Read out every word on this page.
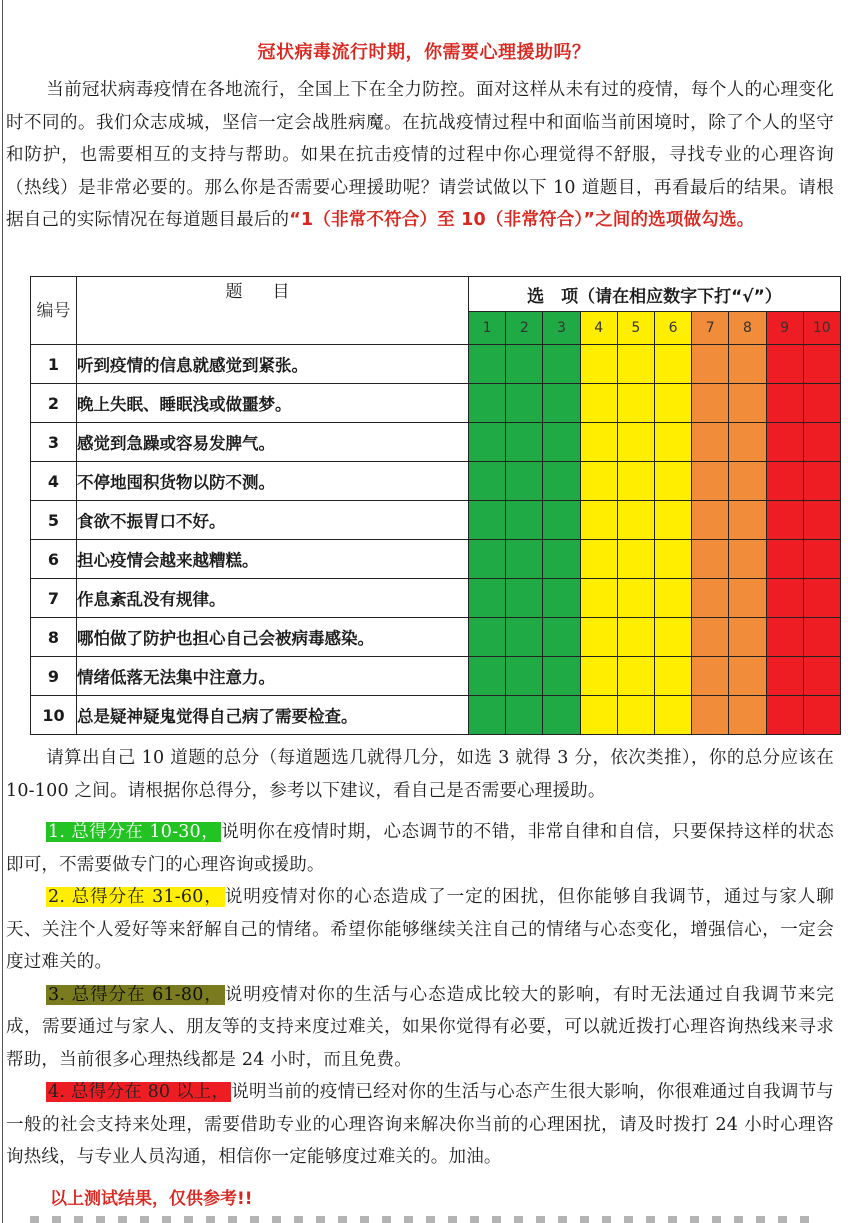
冠状病毒流行时期，你需要心理援助吗？
当前冠状病毒疫情在各地流行，全国上下在全力防控。面对这样从未有过的疫情，每个人的心理变化时不同的。我们众志成城，坚信一定会战胜病魔。在抗战疫情过程中和面临当前困境时，除了个人的坚守和防护，也需要相互的支持与帮助。如果在抗击疫情的过程中你心理觉得不舒服，寻找专业的心理咨询（热线）是非常必要的。那么你是否需要心理援助呢？请尝试做以下 10 道题目，再看最后的结果。请根据自己的实际情况在每道题目最后的“1（非常不符合）至 10（非常符合）”之间的选项做勾选。
编号	题目	选　项（请在相应数字下打“√”）									
		1	2	3	4	5	6	7	8	9	10
1	听到疫情的信息就感觉到紧张。										
2	晚上失眠、睡眠浅或做噩梦。										
3	感觉到急躁或容易发脾气。										
4	不停地囤积货物以防不测。										
5	食欲不振胃口不好。										
6	担心疫情会越来越糟糕。										
7	作息紊乱没有规律。										
8	哪怕做了防护也担心自己会被病毒感染。										
9	情绪低落无法集中注意力。										
10	总是疑神疑鬼觉得自己病了需要检查。										
请算出自己 10 道题的总分（每道题选几就得几分，如选 3 就得 3 分，依次类推），你的总分应该在 10-100 之间。请根据你总得分，参考以下建议，看自己是否需要心理援助。
1. 总得分在 10-30， 说明你在疫情时期，心态调节的不错，非常自律和自信，只要保持这样的状态即可，不需要做专门的心理咨询或援助。
2. 总得分在 31-60， 说明疫情对你的心态造成了一定的困扰，但你能够自我调节，通过与家人聊天、关注个人爱好等来舒解自己的情绪。希望你能够继续关注自己的情绪与心态变化，增强信心，一定会度过难关的。
3. 总得分在 61-80， 说明疫情对你的生活与心态造成比较大的影响，有时无法通过自我调节来完成，需要通过与家人、朋友等的支持来度过难关，如果你觉得有必要，可以就近拨打心理咨询热线来寻求帮助，当前很多心理热线都是 24 小时，而且免费。
4. 总得分在 80 以上， 说明当前的疫情已经对你的生活与心态产生很大影响，你很难通过自我调节与一般的社会支持来处理，需要借助专业的心理咨询来解决你当前的心理困扰，请及时拨打 24 小时心理咨询热线，与专业人员沟通，相信你一定能够度过难关的。加油。
以上测试结果，仅供参考!!
